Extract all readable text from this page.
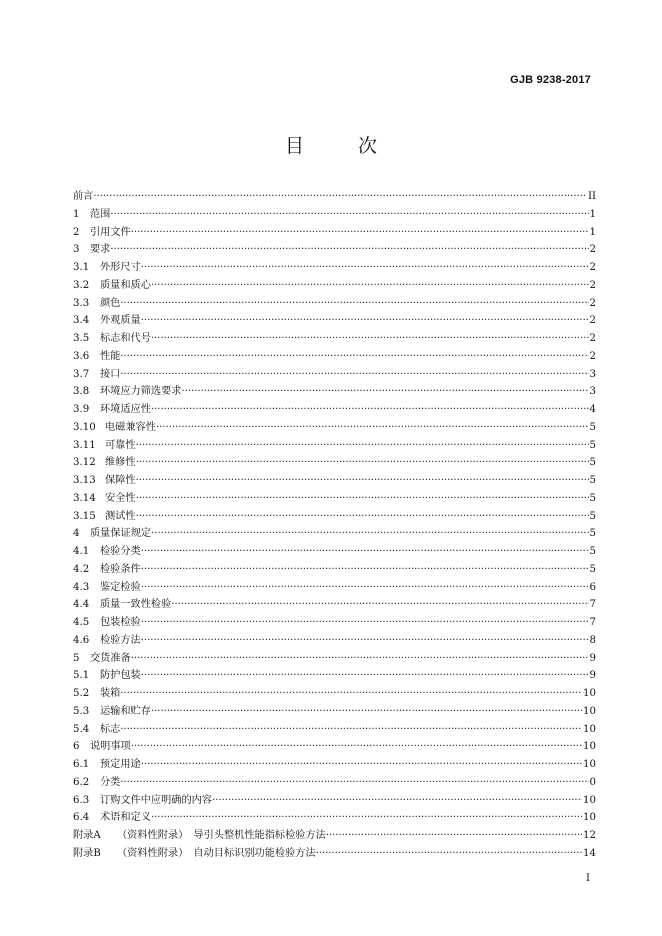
GJB 9238-2017
目 次
前言 ·····	II
1	范围 ·····	1
2	引用文件 ·····	1
3	要求 ·····	2
3.1	外形尺寸 ·····	2
3.2	质量和质心 ·····	2
3.3	颜色 ·····	2
3.4	外观质量 ·····	2
3.5	标志和代号 ·····	2
3.6	性能 ·····	2
3.7	接口 ·····	3
3.8	环境应力筛选要求 ·····	3
3.9	环境适应性 ·····	4
3.10 电磁兼容性 ·····	5
3.11 可靠性 ·····	5
3.12 维修性 ·····	5
3.13 保障性 ·····	5
3.14 安全性 ·····	5
3.15 测试性 ·····	5
4	质量保证规定 ·····	5
4.1	检验分类 ·····	5
4.2	检验条件 ·····	5
4.3	鉴定检验 ·····	6
4.4	质量一致性检验 ·····	7
4.5	包装检验 ·····	7
4.6	检验方法 ·····	8
5	交货准备 ·····	9
5.1	防护包装 ·····	9
5.2	装箱 ·····	10
5.3	运输和贮存 ·····	10
5.4	标志 ·····	10
6	说明事项 ·····	10
6.1	预定用途 ·····	10
6.2	分类 ·····	0
6.3	订购文件中应明确的内容 ·····	10
6.4	术语和定义 ·····	10
附录A	（资料性附录）　导引头整机性能指标检验方法 ·····	12
附录B	（资料性附录）　自动目标识别功能检验方法 ·····	14
I
